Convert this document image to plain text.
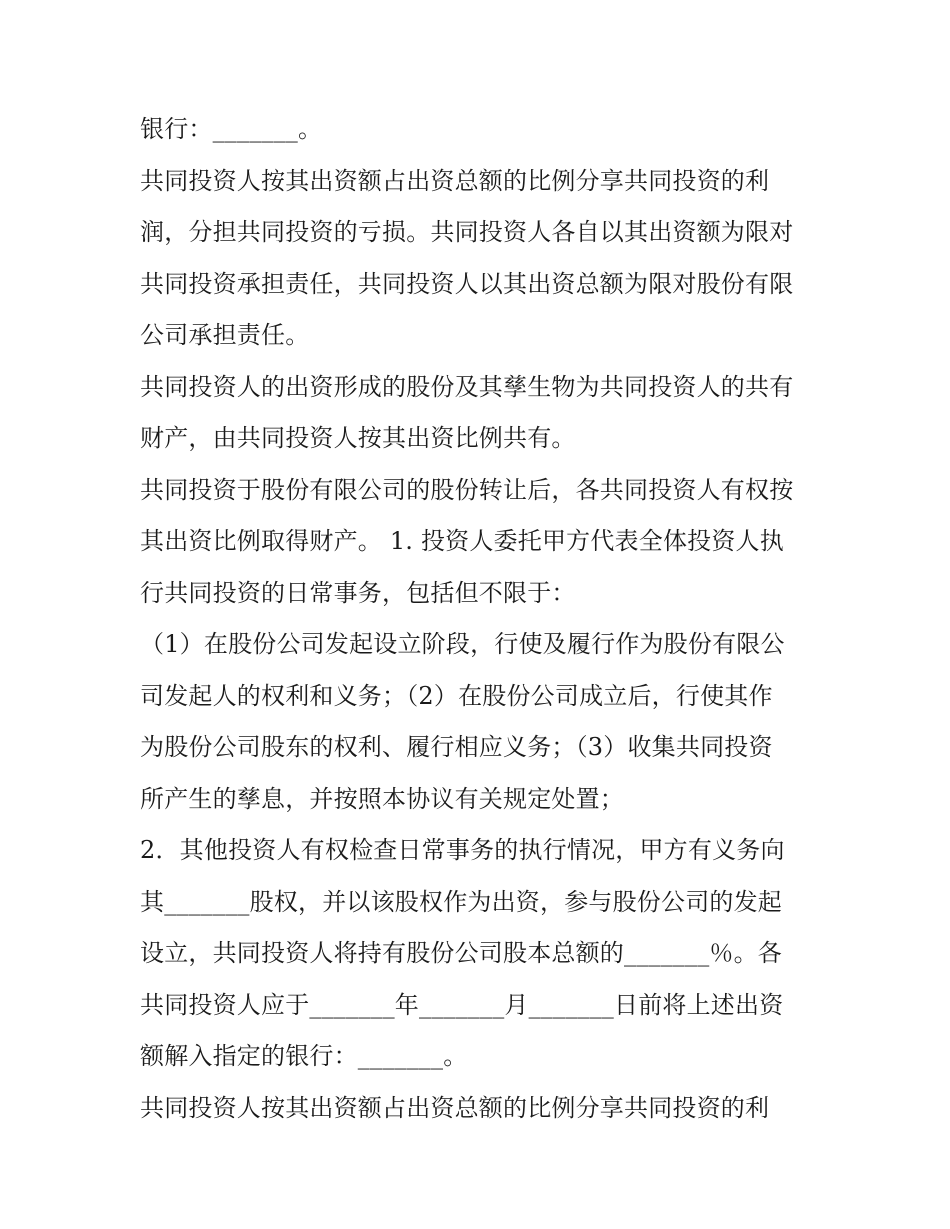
银行：_______。
共同投资人按其出资额占出资总额的比例分享共同投资的利
润，分担共同投资的亏损。共同投资人各自以其出资额为限对
共同投资承担责任，共同投资人以其出资总额为限对股份有限
公司承担责任。
共同投资人的出资形成的股份及其孳生物为共同投资人的共有
财产，由共同投资人按其出资比例共有。
共同投资于股份有限公司的股份转让后，各共同投资人有权按
其出资比例取得财产。 1. 投资人委托甲方代表全体投资人执
行共同投资的日常事务，包括但不限于：
（1）在股份公司发起设立阶段，行使及履行作为股份有限公
司发起人的权利和义务；（2）在股份公司成立后，行使其作
为股份公司股东的权利、履行相应义务；（3）收集共同投资
所产生的孳息，并按照本协议有关规定处置；
2．其他投资人有权检查日常事务的执行情况，甲方有义务向
其_______股权，并以该股权作为出资，参与股份公司的发起
设立，共同投资人将持有股份公司股本总额的_______％。各
共同投资人应于_______年_______月_______日前将上述出资
额解入指定的银行：_______。
共同投资人按其出资额占出资总额的比例分享共同投资的利
